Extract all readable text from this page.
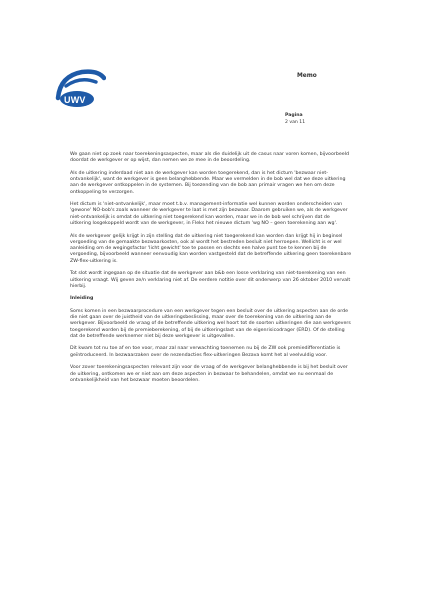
UWV
Memo
Pagina
2 van 11

We gaan niet op zoek naar toerekeningsaspecten, maar als die duidelijk uit de casus naar voren komen, bijvoorbeeld doordat de werkgever er op wijst, dan nemen we ze mee in de beoordeling.

Als de uitkering inderdaad niet aan de werkgever kan worden toegerekend, dan is het dictum 'bezwaar niet-ontvankelijk', want de werkgever is geen belanghebbende. Maar we vermelden in de bob wel dat we deze uitkering aan de werkgever ontkoppelen in de systemen. Bij toezending van de bob aan primair vragen we hen om deze ontkoppeling te verzorgen.

Het dictum is 'niet-ontvankelijk', maar moet t.b.v. management-informatie wel kunnen worden onderscheiden van 'gewone' NO-bob's zoals wanneer de werkgever te laat is met zijn bezwaar. Daarom gebruiken we, als de werkgever niet-ontvankelijk is omdat de uitkering niet toegerekend kan worden, maar we in de bob wel schrijven dat de uitkering losgekoppeld wordt van de werkgever, in Fleks het nieuwe dictum 'wg NO – geen toerekening aan wg'.

Als de werkgever gelijk krijgt in zijn stelling dat de uitkering niet toegerekend kan worden dan krijgt hij in beginsel vergoeding van de gemaakte bezwaarkosten, ook al wordt het bestreden besluit niet herroepen. Wellicht is er wel aanleiding om de wegingsfactor 'licht gewicht' toe te passen en slechts een halve punt toe te kennen bij de vergoeding, bijvoorbeeld wanneer eenvoudig kan worden vastgesteld dat de betreffende uitkering geen toerekenbare ZW-flex-uitkering is.

Tot slot wordt ingegaan op de situatie dat de werkgever aan b&b een losse verklaring van niet-toerekening van een uitkering vraagt. Wij geven ze/n verklaring niet af. De eerdere notitie over dit onderwerp van 26 oktober 2010 vervalt hierbij.

Inleiding

Soms komen in een bezwaarprocedure van een werkgever tegen een besluit over de uitkering aspecten aan de orde die niet gaan over de juistheid van de uitkeringsbeslissing, maar over de toerekening van de uitkering aan de werkgever. Bijvoorbeeld de vraag of de betreffende uitkering wel hoort tot de soorten uitkeringen die aan werkgevers toegerekend worden bij de premieberekening, of bij de uitkeringslast van de eigenrisicodrager (ERD). Of de stelling dat de betreffende werknemer niet bij deze werkgever is uitgevallen.

Dit kwam tot nu toe af en toe voor, maar zal naar verwachting toenemen nu bij de ZW ook premiedifferentiatie is geïntroduceerd. In bezwaarzaken over de nezendacties flex-uitkeringen Bezava komt het al veelvuldig voor.

Voor zover toerekeningsaspecten relevant zijn voor de vraag of de werkgever belanghebbende is bij het besluit over de uitkering, ontkomen we er niet aan om deze aspecten in bezwaar te behandelen, omdat we nu eenmaal de ontvankelijkheid van het bezwaar moeten beoordelen.
